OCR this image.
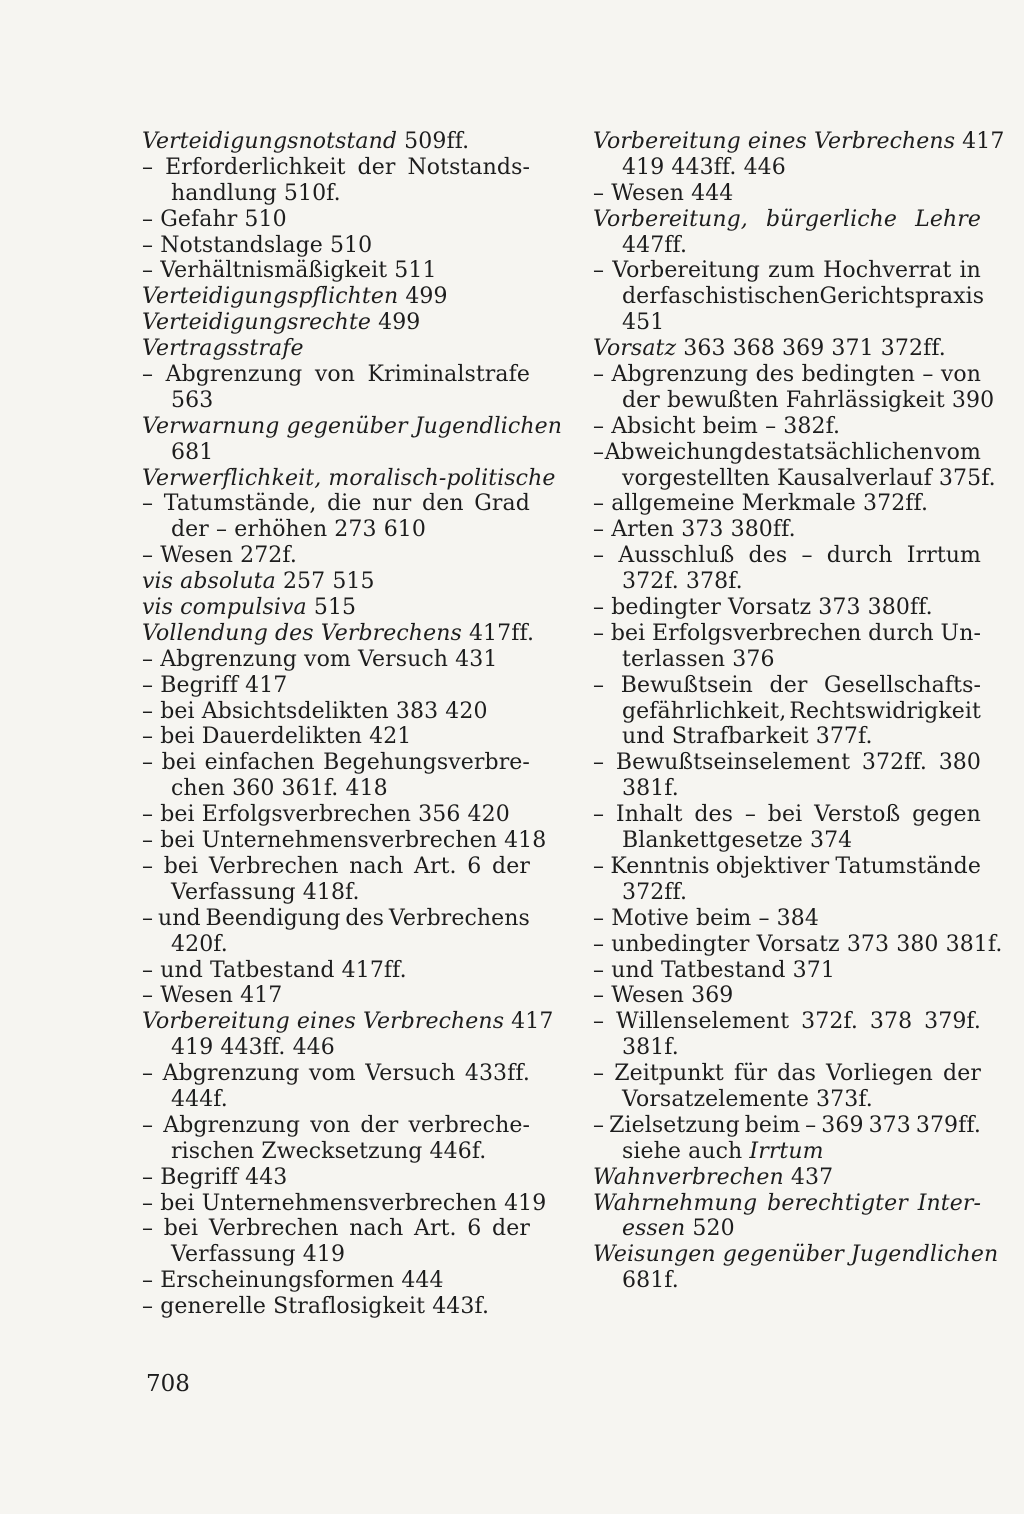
Verteidigungsnotstand 509ff.
– Erforderlichkeit der Notstands-
handlung 510f.
– Gefahr 510
– Notstandslage 510
– Verhältnismäßigkeit 511
Verteidigungspflichten 499
Verteidigungsrechte 499
Vertragsstrafe
– Abgrenzung von Kriminalstrafe
563
Verwarnung gegenüber Jugendlichen
681
Verwerflichkeit, moralisch-politische
– Tatumstände, die nur den Grad
der – erhöhen 273 610
– Wesen 272f.
vis absoluta 257 515
vis compulsiva 515
Vollendung des Verbrechens 417ff.
– Abgrenzung vom Versuch 431
– Begriff 417
– bei Absichtsdelikten 383 420
– bei Dauerdelikten 421
– bei einfachen Begehungsverbre-
chen 360 361f. 418
– bei Erfolgsverbrechen 356 420
– bei Unternehmensverbrechen 418
– bei Verbrechen nach Art. 6 der
Verfassung 418f.
– und Beendigung des Verbrechens
420f.
– und Tatbestand 417ff.
– Wesen 417
Vorbereitung eines Verbrechens 417
419 443ff. 446
– Abgrenzung vom Versuch 433ff.
444f.
– Abgrenzung von der verbreche-
rischen Zwecksetzung 446f.
– Begriff 443
– bei Unternehmensverbrechen 419
– bei Verbrechen nach Art. 6 der
Verfassung 419
– Erscheinungsformen 444
– generelle Straflosigkeit 443f.
Vorbereitung eines Verbrechens 417
419 443ff. 446
– Wesen 444
Vorbereitung, bürgerliche Lehre
447ff.
– Vorbereitung zum Hochverrat in
der faschistischen Gerichtspraxis
451
Vorsatz 363 368 369 371 372ff.
– Abgrenzung des bedingten – von
der bewußten Fahrlässigkeit 390
– Absicht beim – 382f.
– Abweichung des tatsächlichen vom
vorgestellten Kausalverlauf 375f.
– allgemeine Merkmale 372ff.
– Arten 373 380ff.
– Ausschluß des – durch Irrtum
372f. 378f.
– bedingter Vorsatz 373 380ff.
– bei Erfolgsverbrechen durch Un-
terlassen 376
– Bewußtsein der Gesellschafts-
gefährlichkeit, Rechtswidrigkeit
und Strafbarkeit 377f.
– Bewußtseinselement 372ff. 380
381f.
– Inhalt des – bei Verstoß gegen
Blankettgesetze 374
– Kenntnis objektiver Tatumstände
372ff.
– Motive beim – 384
– unbedingter Vorsatz 373 380 381f.
– und Tatbestand 371
– Wesen 369
– Willenselement 372f. 378 379f.
381f.
– Zeitpunkt für das Vorliegen der
Vorsatzelemente 373f.
– Zielsetzung beim – 369 373 379ff.
siehe auch Irrtum
Wahnverbrechen 437
Wahrnehmung berechtigter Inter-
essen 520
Weisungen gegenüber Jugendlichen
681f.
708
